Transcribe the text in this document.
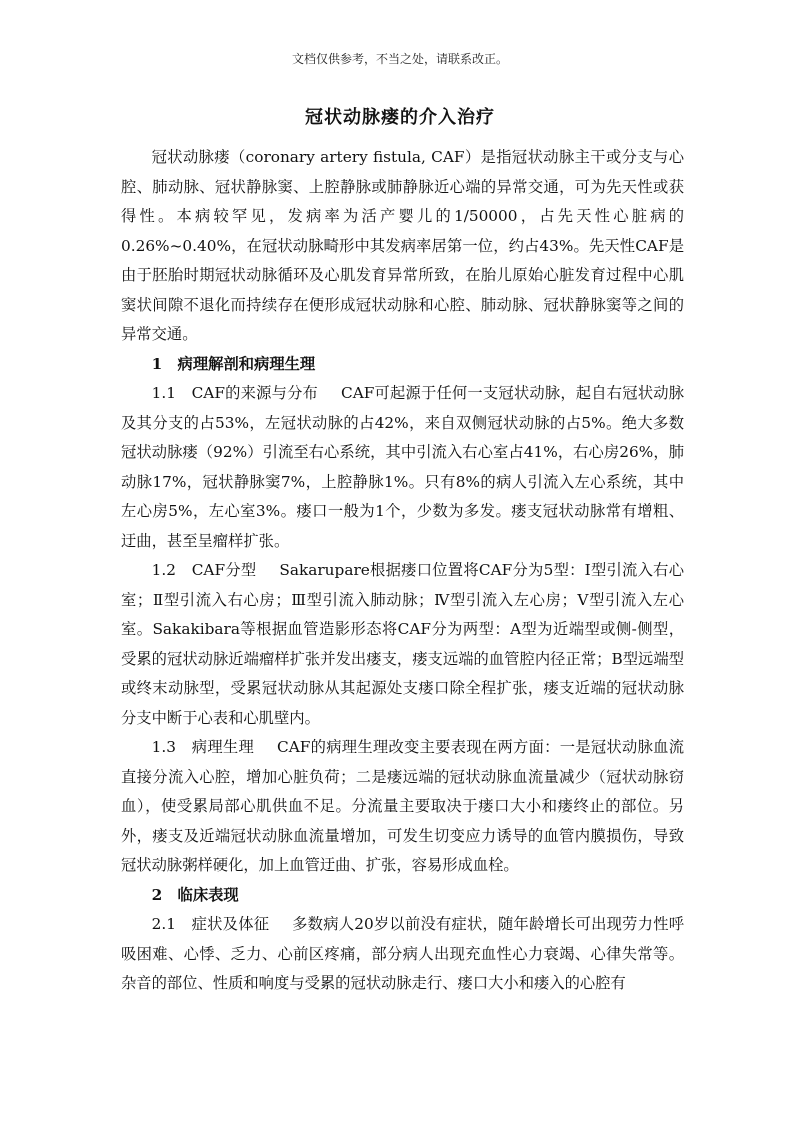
文档仅供参考，不当之处，请联系改正。
冠状动脉瘘的介入治疗

冠状动脉瘘（coronary artery fistula, CAF）是指冠状动脉主干或分支与心腔、肺动脉、冠状静脉窦、上腔静脉或肺静脉近心端的异常交通，可为先天性或获得性。本病较罕见，发病率为活产婴儿的1/50000，占先天性心脏病的0.26%~0.40%，在冠状动脉畸形中其发病率居第一位，约占43%。先天性CAF是由于胚胎时期冠状动脉循环及心肌发育异常所致，在胎儿原始心脏发育过程中心肌窦状间隙不退化而持续存在便形成冠状动脉和心腔、肺动脉、冠状静脉窦等之间的异常交通。

1　病理解剖和病理生理

1.1　CAF的来源与分布 CAF可起源于任何一支冠状动脉，起自右冠状动脉及其分支的占53%，左冠状动脉的占42%，来自双侧冠状动脉的占5%。绝大多数冠状动脉瘘（92%）引流至右心系统，其中引流入右心室占41%，右心房26%，肺动脉17%，冠状静脉窦7%，上腔静脉1%。只有8%的病人引流入左心系统，其中左心房5%，左心室3%。瘘口一般为1个，少数为多发。瘘支冠状动脉常有增粗、迂曲，甚至呈瘤样扩张。

1.2　CAF分型 Sakarupare根据瘘口位置将CAF分为5型：Ⅰ型引流入右心室；Ⅱ型引流入右心房；Ⅲ型引流入肺动脉；Ⅳ型引流入左心房；Ⅴ型引流入左心室。Sakakibara等根据血管造影形态将CAF分为两型：A型为近端型或侧-侧型，受累的冠状动脉近端瘤样扩张并发出瘘支，瘘支远端的血管腔内径正常；B型远端型或终末动脉型，受累冠状动脉从其起源处支瘘口除全程扩张，瘘支近端的冠状动脉分支中断于心表和心肌壁内。

1.3　病理生理 CAF的病理生理改变主要表现在两方面：一是冠状动脉血流直接分流入心腔，增加心脏负荷；二是瘘远端的冠状动脉血流量减少（冠状动脉窃血），使受累局部心肌供血不足。分流量主要取决于瘘口大小和瘘终止的部位。另外，瘘支及近端冠状动脉血流量增加，可发生切变应力诱导的血管内膜损伤，导致冠状动脉粥样硬化，加上血管迂曲、扩张，容易形成血栓。

2　临床表现

2.1　症状及体征 多数病人20岁以前没有症状，随年龄增长可出现劳力性呼吸困难、心悸、乏力、心前区疼痛，部分病人出现充血性心力衰竭、心律失常等。杂音的部位、性质和响度与受累的冠状动脉走行、瘘口大小和瘘入的心腔有
